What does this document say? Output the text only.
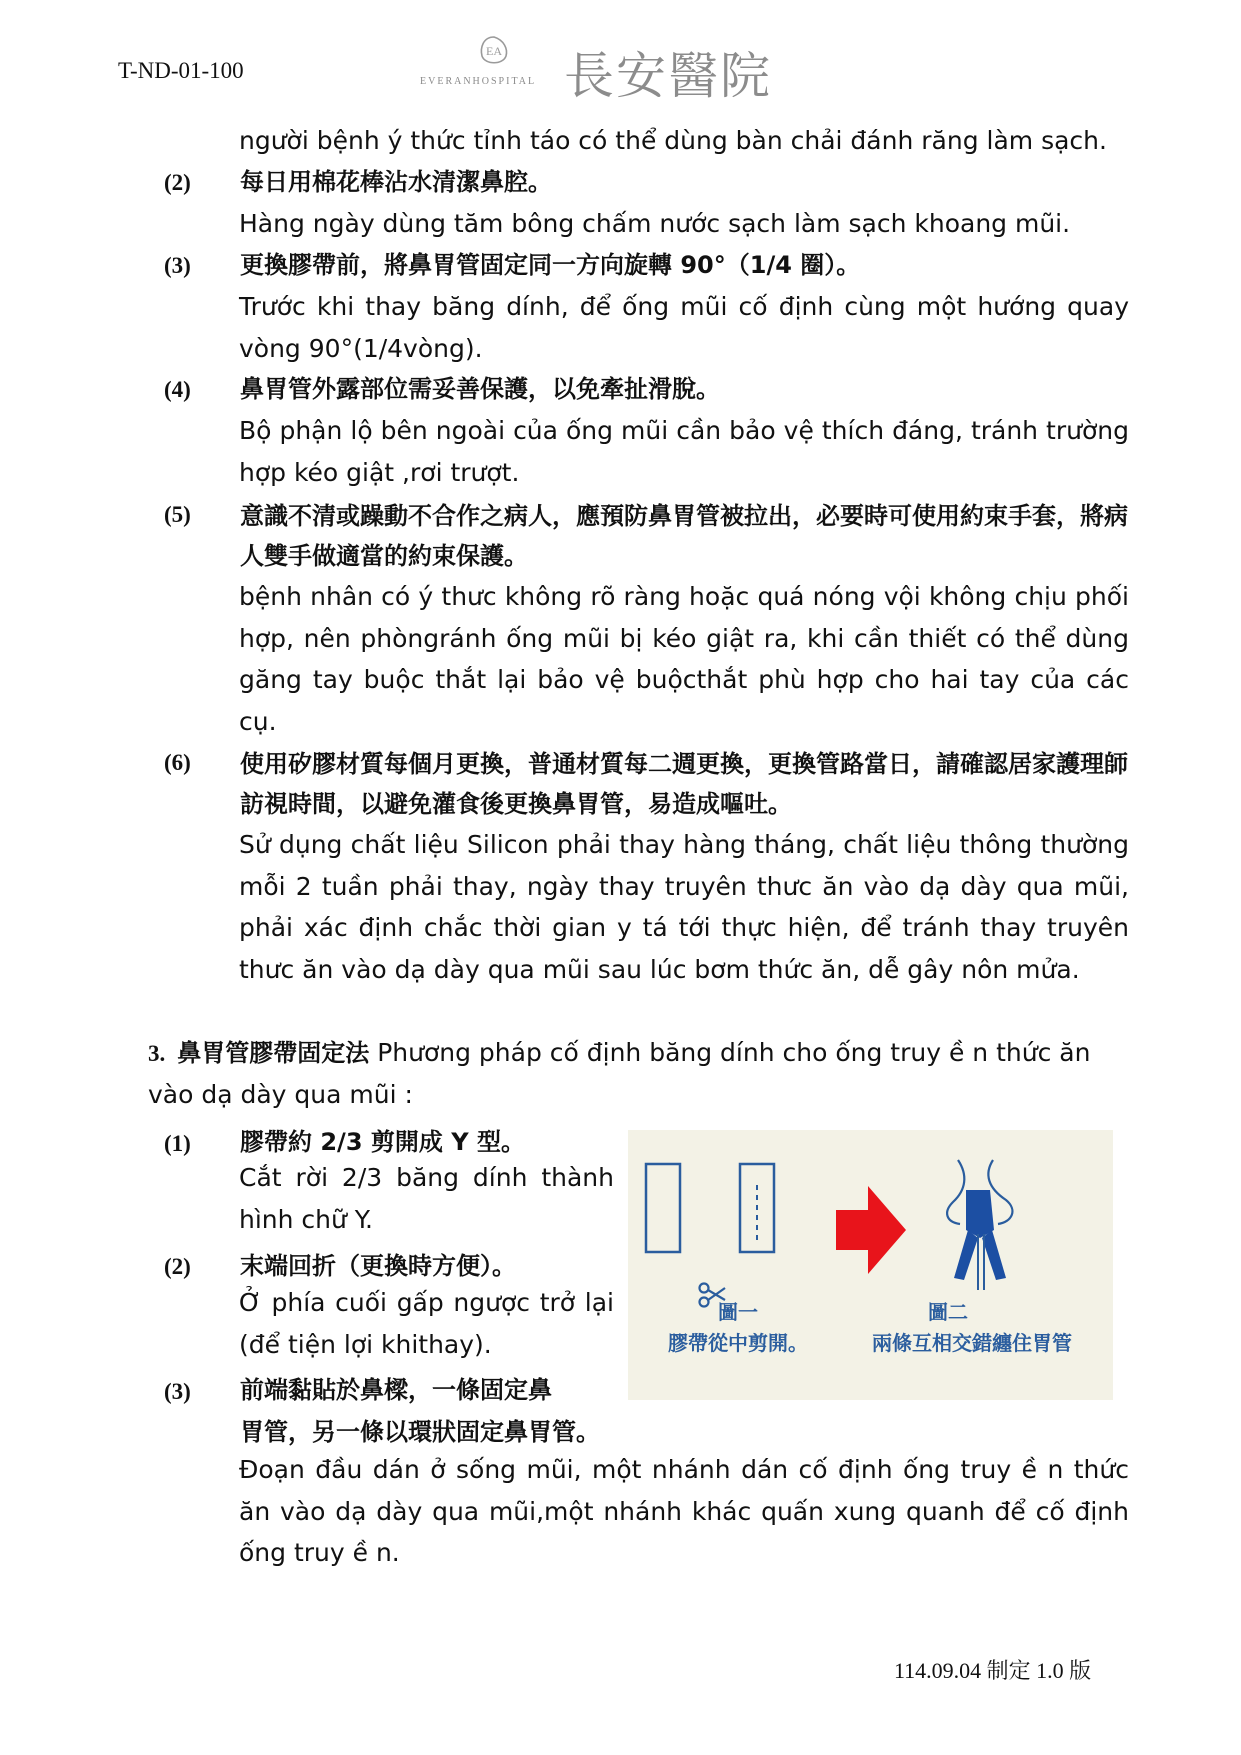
T-ND-01-100
EA
EVERANHOSPITAL 長安醫院
người bệnh ý thức tỉnh táo có thể dùng bàn chải đánh răng làm sạch.
(2) 每日用棉花棒沾水清潔鼻腔。
Hàng ngày dùng tăm bông chấm nước sạch làm sạch khoang mũi.
(3) 更換膠帶前，將鼻胃管固定同一方向旋轉 90°（1/4 圈）。
Trước khi thay băng dính, để ống mũi cố định cùng một hướng quay vòng 90°(1/4vòng).
(4) 鼻胃管外露部位需妥善保護，以免牽扯滑脫。
Bộ phận lộ bên ngoài của ống mũi cần bảo vệ thích đáng, tránh trường hợp kéo giật ,rơi trượt.
(5) 意識不清或躁動不合作之病人，應預防鼻胃管被拉出，必要時可使用約束手套，將病人雙手做適當的約束保護。
bệnh nhân có ý thưc không rõ ràng hoặc quá nóng vội không chịu phối hợp, nên phòngránh ống mũi bị kéo giật ra, khi cần thiết có thể dùng găng tay buộc thắt lại bảo vệ buộcthắt phù hợp cho hai tay của các cụ.
(6) 使用矽膠材質每個月更換，普通材質每二週更換，更換管路當日，請確認居家護理師訪視時間，以避免灌食後更換鼻胃管，易造成嘔吐。
Sử dụng chất liệu Silicon phải thay hàng tháng, chất liệu thông thường mỗi 2 tuần phải thay, ngày thay truyên thưc ăn vào dạ dày qua mũi, phải xác định chắc thời gian y tá tới thực hiện, để tránh thay truyên thưc ăn vào dạ dày qua mũi sau lúc bơm thức ăn, dễ gây nôn mửa.
3. 鼻胃管膠帶固定法 Phương pháp cố định băng dính cho ống truy ề n thức ăn vào dạ dày qua mũi :
(1) 膠帶約 2/3 剪開成 Y 型。
Cắt rời 2/3 băng dính thành hình chữ Y.
(2) 末端回折（更換時方便）。
Ở phía cuối gấp ngược trở lại (để tiện lợi khithay).
(3) 前端黏貼於鼻樑，一條固定鼻
胃管，另一條以環狀固定鼻胃管。
Đoạn đầu dán ở sống mũi, một nhánh dán cố định ống truy ề n thức ăn vào dạ dày qua mũi,một nhánh khác quấn xung quanh để cố định ống truy ề n.
圖一
膠帶從中剪開。
圖二
兩條互相交錯纏住胃管
114.09.04 制定 1.0 版
